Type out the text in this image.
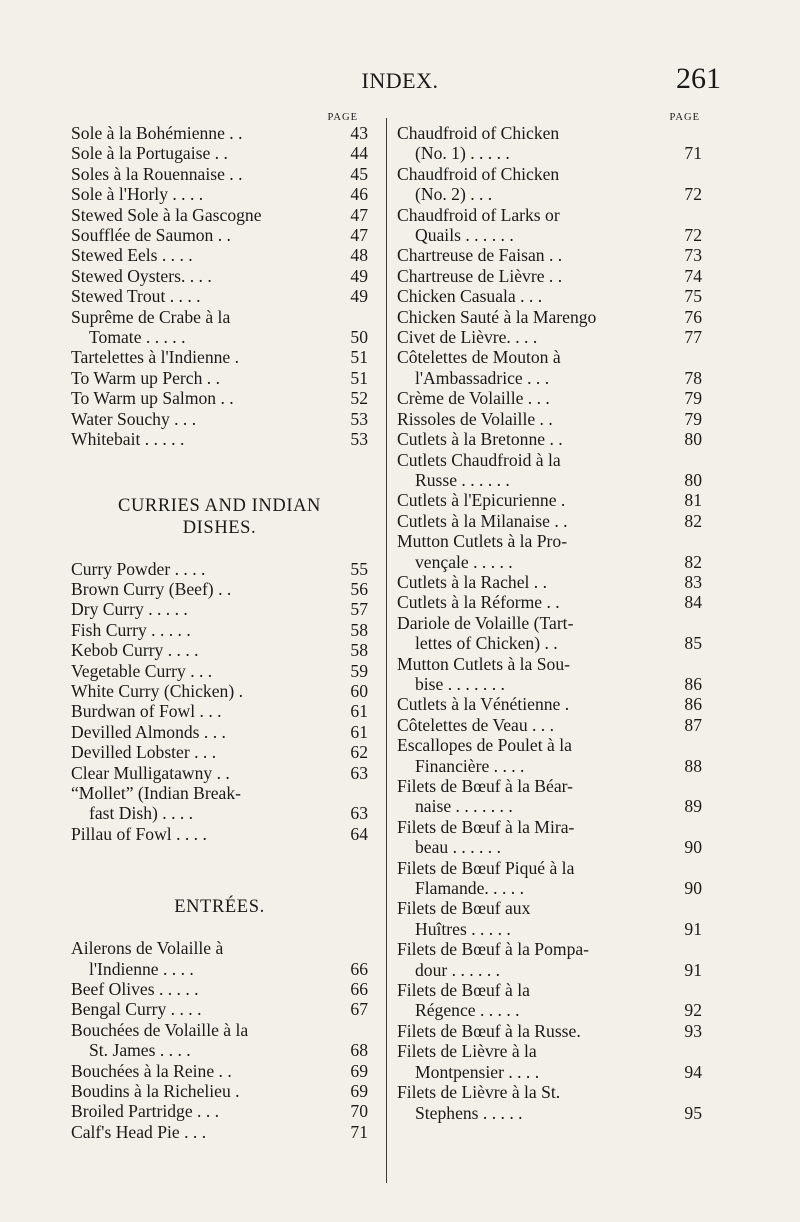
INDEX.	261
PAGE
Sole à la Bohémienne . .	43
Sole à la Portugaise . .	44
Soles à la Rouennaise . .	45
Sole à l'Horly . . . .	46
Stewed Sole à la Gascogne	47
Soufflée de Saumon . .	47
Stewed Eels . . . .	48
Stewed Oysters. . . .	49
Stewed Trout . . . .	49
Suprême de Crabe à la
Tomate . . . . .	50
Tartelettes à l'Indienne .	51
To Warm up Perch . .	51
To Warm up Salmon . .	52
Water Souchy . . .	53
Whitebait . . . . .	53
CURRIES AND INDIAN
DISHES.
Curry Powder . . . .	55
Brown Curry (Beef) . .	56
Dry Curry . . . . .	57
Fish Curry . . . . .	58
Kebob Curry . . . .	58
Vegetable Curry . . .	59
White Curry (Chicken) .	60
Burdwan of Fowl . . .	61
Devilled Almonds . . .	61
Devilled Lobster . . .	62
Clear Mulligatawny . .	63
“Mollet” (Indian Break-
fast Dish) . . . .	63
Pillau of Fowl . . . .	64
ENTRÉES.
Ailerons de Volaille à
l'Indienne . . . .	66
Beef Olives . . . . .	66
Bengal Curry . . . .	67
Bouchées de Volaille à la
St. James . . . .	68
Bouchées à la Reine . .	69
Boudins à la Richelieu .	69
Broiled Partridge . . .	70
Calf's Head Pie . . .	71
PAGE
Chaudfroid of Chicken
(No. 1) . . . . .	71
Chaudfroid of Chicken
(No. 2) . . .	72
Chaudfroid of Larks or
Quails . . . . . .	72
Chartreuse de Faisan . .	73
Chartreuse de Lièvre . .	74
Chicken Casuala . . .	75
Chicken Sauté à la Marengo	76
Civet de Lièvre. . . .	77
Côtelettes de Mouton à
l'Ambassadrice . . .	78
Crème de Volaille . . .	79
Rissoles de Volaille . .	79
Cutlets à la Bretonne . .	80
Cutlets Chaudfroid à la
Russe . . . . . .	80
Cutlets à l'Epicurienne .	81
Cutlets à la Milanaise . .	82
Mutton Cutlets à la Pro-
vençale . . . . .	82
Cutlets à la Rachel . .	83
Cutlets à la Réforme . .	84
Dariole de Volaille (Tart-
lettes of Chicken) . .	85
Mutton Cutlets à la Sou-
bise . . . . . . .	86
Cutlets à la Vénétienne .	86
Côtelettes de Veau . . .	87
Escallopes de Poulet à la
Financière . . . .	88
Filets de Bœuf à la Béar-
naise . . . . . . .	89
Filets de Bœuf à la Mira-
beau . . . . . .	90
Filets de Bœuf Piqué à la
Flamande. . . . .	90
Filets de Bœuf aux
Huîtres . . . . .	91
Filets de Bœuf à la Pompa-
dour . . . . . .	91
Filets de Bœuf à la
Régence . . . . .	92
Filets de Bœuf à la Russe.	93
Filets de Lièvre à la
Montpensier . . . .	94
Filets de Lièvre à la St.
Stephens . . . . .	95
